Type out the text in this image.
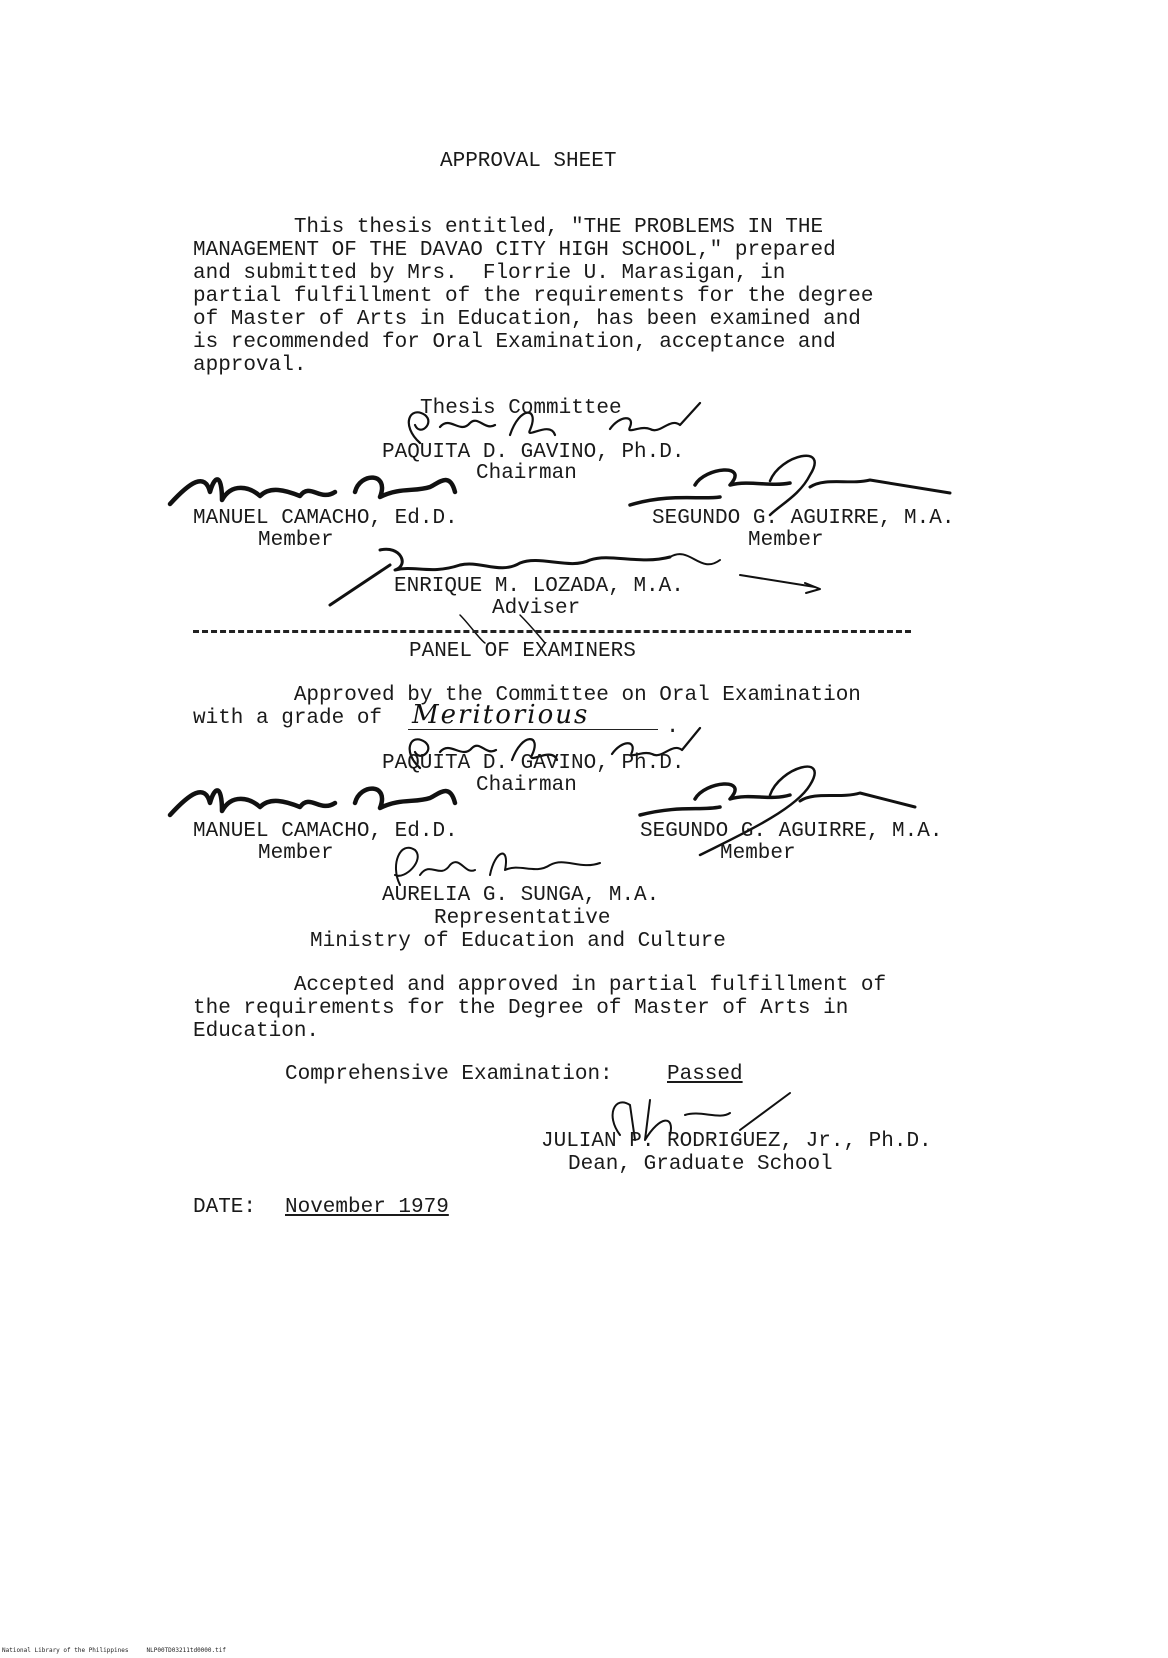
APPROVAL SHEET
This thesis entitled, "THE PROBLEMS IN THE
MANAGEMENT OF THE DAVAO CITY HIGH SCHOOL," prepared
and submitted by Mrs.  Florrie U. Marasigan, in
partial fulfillment of the requirements for the degree
of Master of Arts in Education, has been examined and
is recommended for Oral Examination, acceptance and
approval.
Thesis Committee
PAQUITA D. GAVINO, Ph.D.
Chairman
MANUEL CAMACHO, Ed.D.
Member
SEGUNDO G. AGUIRRE, M.A.
Member
ENRIQUE M. LOZADA, M.A.
Adviser
PANEL OF EXAMINERS
Approved by the Committee on Oral Examination
with a grade of	.
Meritorious
PAQUITA D. GAVINO, Ph.D.
Chairman
MANUEL CAMACHO, Ed.D.
Member
SEGUNDO G. AGUIRRE, M.A.
Member
AURELIA G. SUNGA, M.A.
Representative
Ministry of Education and Culture
Accepted and approved in partial fulfillment of
the requirements for the Degree of Master of Arts in
Education.
Comprehensive Examination:	Passed
JULIAN P. RODRIGUEZ, Jr., Ph.D.
Dean, Graduate School
DATE: November 1979
National Library of the Philippines	NLP00TD03211td0000.tif
